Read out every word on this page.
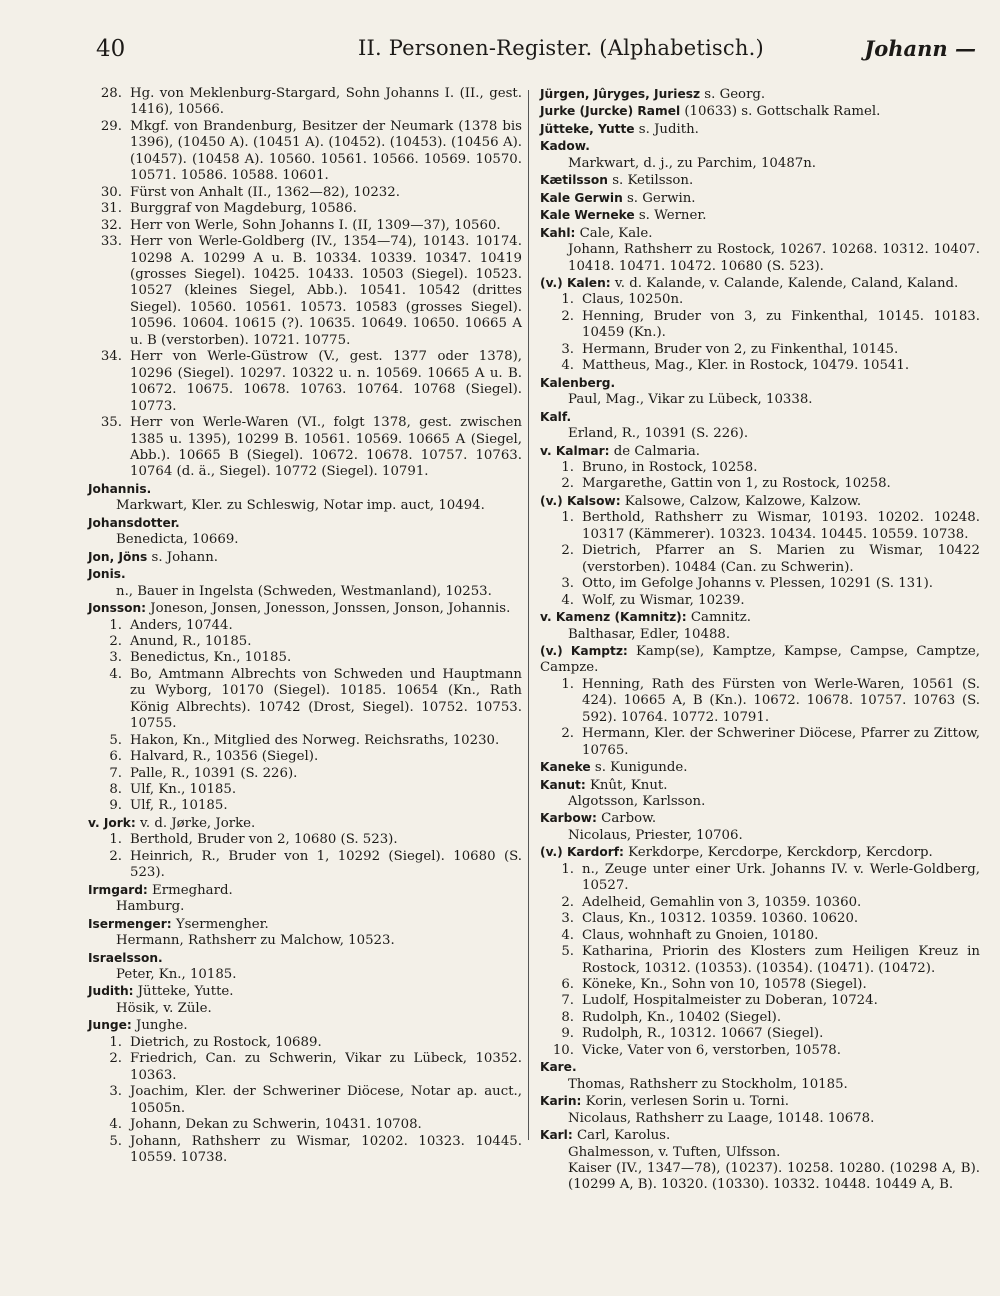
40	II. Personen-Register. (Alphabetisch.)	Johann —
28. Hg. von Meklenburg-Stargard, Sohn Johanns I. (II., gest. 1416), 10566.
29. Mkgf. von Brandenburg, Besitzer der Neumark (1378 bis 1396), (10450 A). (10451 A). (10452). (10453). (10456 A). (10457). (10458 A). 10560. 10561. 10566. 10569. 10570. 10571. 10586. 10588. 10601.
30. Fürst von Anhalt (II., 1362—82), 10232.
31. Burggraf von Magdeburg, 10586.
32. Herr von Werle, Sohn Johanns I. (II, 1309—37), 10560.
33. Herr von Werle-Goldberg (IV., 1354—74), 10143. 10174. 10298 A. 10299 A u. B. 10334. 10339. 10347. 10419 (grosses Siegel). 10425. 10433. 10503 (Siegel). 10523. 10527 (kleines Siegel, Abb.). 10541. 10542 (drittes Siegel). 10560. 10561. 10573. 10583 (grosses Siegel). 10596. 10604. 10615 (?). 10635. 10649. 10650. 10665 A u. B (verstorben). 10721. 10775.
34. Herr von Werle-Güstrow (V., gest. 1377 oder 1378), 10296 (Siegel). 10297. 10322 u. n. 10569. 10665 A u. B. 10672. 10675. 10678. 10763. 10764. 10768 (Siegel). 10773.
35. Herr von Werle-Waren (VI., folgt 1378, gest. zwischen 1385 u. 1395), 10299 B. 10561. 10569. 10665 A (Siegel, Abb.). 10665 B (Siegel). 10672. 10678. 10757. 10763. 10764 (d. ä., Siegel). 10772 (Siegel). 10791.
Johannis.
Markwart, Kler. zu Schleswig, Notar imp. auct, 10494.
Johansdotter.
Benedicta, 10669.
Jon, Jöns s. Johann.
Jonis.
n., Bauer in Ingelsta (Schweden, Westmanland), 10253.
Jonsson: Joneson, Jonsen, Jonesson, Jonssen, Jonson, Johannis.
1. Anders, 10744.
2. Anund, R., 10185.
3. Benedictus, Kn., 10185.
4. Bo, Amtmann Albrechts von Schweden und Hauptmann zu Wyborg, 10170 (Siegel). 10185. 10654 (Kn., Rath König Albrechts). 10742 (Drost, Siegel). 10752. 10753. 10755.
5. Hakon, Kn., Mitglied des Norweg. Reichsraths, 10230.
6. Halvard, R., 10356 (Siegel).
7. Palle, R., 10391 (S. 226).
8. Ulf, Kn., 10185.
9. Ulf, R., 10185.
v. Jork: v. d. Jørke, Jorke.
1. Berthold, Bruder von 2, 10680 (S. 523).
2. Heinrich, R., Bruder von 1, 10292 (Siegel). 10680 (S. 523).
Irmgard: Ermeghard.
Hamburg.
Isermenger: Ysermengher.
Hermann, Rathsherr zu Malchow, 10523.
Israelsson.
Peter, Kn., 10185.
Judith: Jütteke, Yutte.
Hösik, v. Züle.
Junge: Junghe.
1. Dietrich, zu Rostock, 10689.
2. Friedrich, Can. zu Schwerin, Vikar zu Lübeck, 10352. 10363.
3. Joachim, Kler. der Schweriner Diöcese, Notar ap. auct., 10505n.
4. Johann, Dekan zu Schwerin, 10431. 10708.
5. Johann, Rathsherr zu Wismar, 10202. 10323. 10445. 10559. 10738.
Jürgen, Jûryges, Juriesz s. Georg.
Jurke (Jurcke) Ramel (10633) s. Gottschalk Ramel.
Jütteke, Yutte s. Judith.
Kadow.
Markwart, d. j., zu Parchim, 10487n.
Kætilsson s. Ketilsson.
Kale Gerwin s. Gerwin.
Kale Werneke s. Werner.
Kahl: Cale, Kale.
Johann, Rathsherr zu Rostock, 10267. 10268. 10312. 10407. 10418. 10471. 10472. 10680 (S. 523).
(v.) Kalen: v. d. Kalande, v. Calande, Kalende, Caland, Kaland.
1. Claus, 10250n.
2. Henning, Bruder von 3, zu Finkenthal, 10145. 10183. 10459 (Kn.).
3. Hermann, Bruder von 2, zu Finkenthal, 10145.
4. Mattheus, Mag., Kler. in Rostock, 10479. 10541.
Kalenberg.
Paul, Mag., Vikar zu Lübeck, 10338.
Kalf.
Erland, R., 10391 (S. 226).
v. Kalmar: de Calmaria.
1. Bruno, in Rostock, 10258.
2. Margarethe, Gattin von 1, zu Rostock, 10258.
(v.) Kalsow: Kalsowe, Calzow, Kalzowe, Kalzow.
1. Berthold, Rathsherr zu Wismar, 10193. 10202. 10248. 10317 (Kämmerer). 10323. 10434. 10445. 10559. 10738.
2. Dietrich, Pfarrer an S. Marien zu Wismar, 10422 (verstorben). 10484 (Can. zu Schwerin).
3. Otto, im Gefolge Johanns v. Plessen, 10291 (S. 131).
4. Wolf, zu Wismar, 10239.
v. Kamenz (Kamnitz): Camnitz.
Balthasar, Edler, 10488.
(v.) Kamptz: Kamp(se), Kamptze, Kampse, Campse, Camptze, Campze.
1. Henning, Rath des Fürsten von Werle-Waren, 10561 (S. 424). 10665 A, B (Kn.). 10672. 10678. 10757. 10763 (S. 592). 10764. 10772. 10791.
2. Hermann, Kler. der Schweriner Diöcese, Pfarrer zu Zittow, 10765.
Kaneke s. Kunigunde.
Kanut: Knût, Knut.
Algotsson, Karlsson.
Karbow: Carbow.
Nicolaus, Priester, 10706.
(v.) Kardorf: Kerkdorpe, Kercdorpe, Kerckdorp, Kercdorp.
1. n., Zeuge unter einer Urk. Johanns IV. v. Werle-Goldberg, 10527.
2. Adelheid, Gemahlin von 3, 10359. 10360.
3. Claus, Kn., 10312. 10359. 10360. 10620.
4. Claus, wohnhaft zu Gnoien, 10180.
5. Katharina, Priorin des Klosters zum Heiligen Kreuz in Rostock, 10312. (10353). (10354). (10471). (10472).
6. Köneke, Kn., Sohn von 10, 10578 (Siegel).
7. Ludolf, Hospitalmeister zu Doberan, 10724.
8. Rudolph, Kn., 10402 (Siegel).
9. Rudolph, R., 10312. 10667 (Siegel).
10. Vicke, Vater von 6, verstorben, 10578.
Kare.
Thomas, Rathsherr zu Stockholm, 10185.
Karin: Korin, verlesen Sorin u. Torni.
Nicolaus, Rathsherr zu Laage, 10148. 10678.
Karl: Carl, Karolus.
Ghalmesson, v. Tuften, Ulfsson.
Kaiser (IV., 1347—78), (10237). 10258. 10280. (10298 A, B). (10299 A, B). 10320. (10330). 10332. 10448. 10449 A, B.
